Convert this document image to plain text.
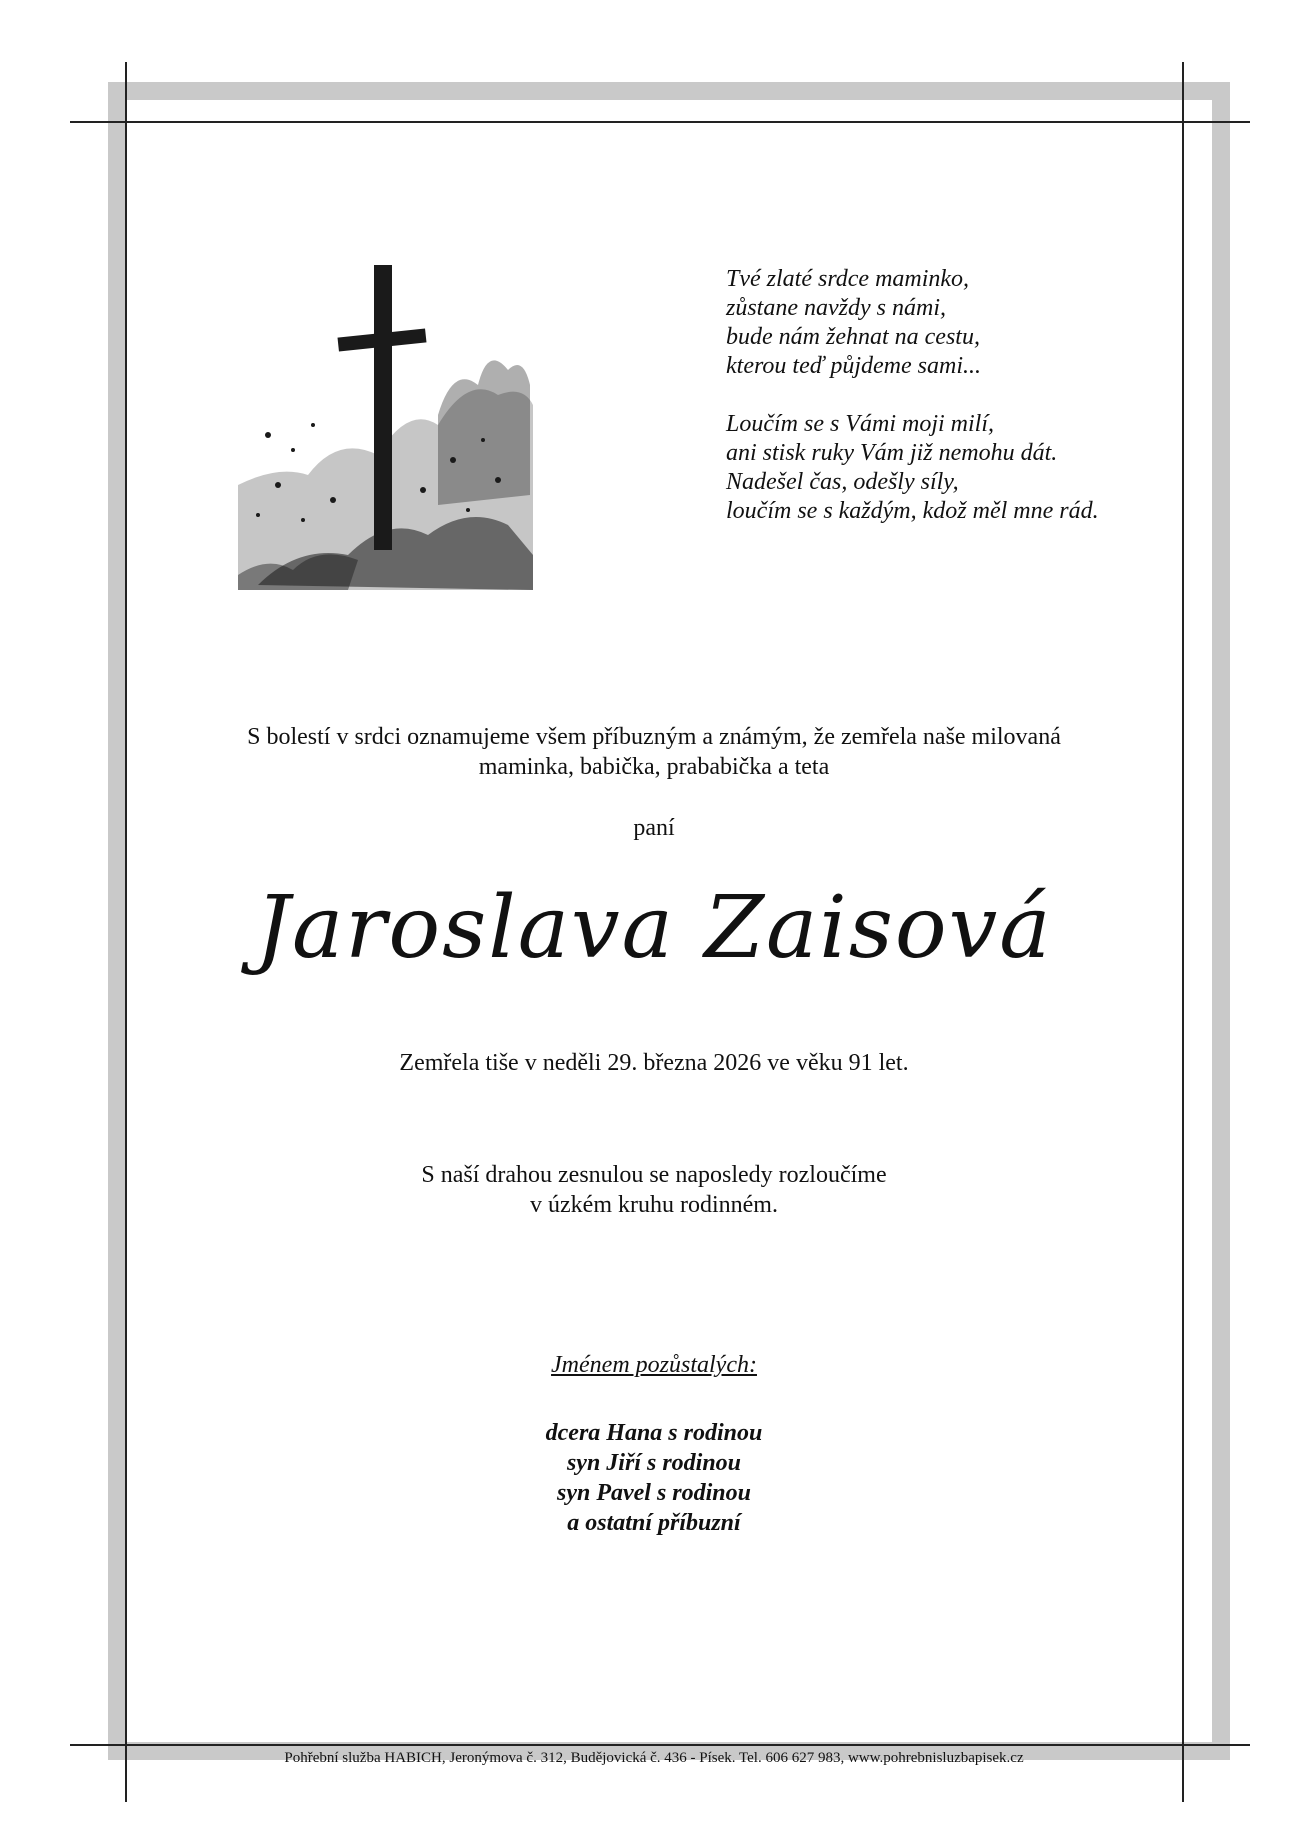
Tvé zlaté srdce maminko,
zůstane navždy s námi,
bude nám žehnat na cestu,
kterou teď půjdeme sami...
Loučím se s Vámi moji milí,
ani stisk ruky Vám již nemohu dát.
Nadešel čas, odešly síly,
loučím se s každým, kdož měl mne rád.
S bolestí v srdci oznamujeme všem příbuzným a známým, že zemřela naše milovaná
maminka, babička, prababička a teta
paní
Jaroslava Zaisová
Zemřela tiše v neděli 29. března 2026 ve věku 91 let.
S naší drahou zesnulou se naposledy rozloučíme
v úzkém kruhu rodinném.
Jménem pozůstalých:
dcera Hana s rodinou
syn Jiří s rodinou
syn Pavel s rodinou
a ostatní příbuzní
Pohřební služba HABICH, Jeronýmova č. 312, Budějovická č. 436 - Písek. Tel. 606 627 983, www.pohrebnisluzbapisek.cz
